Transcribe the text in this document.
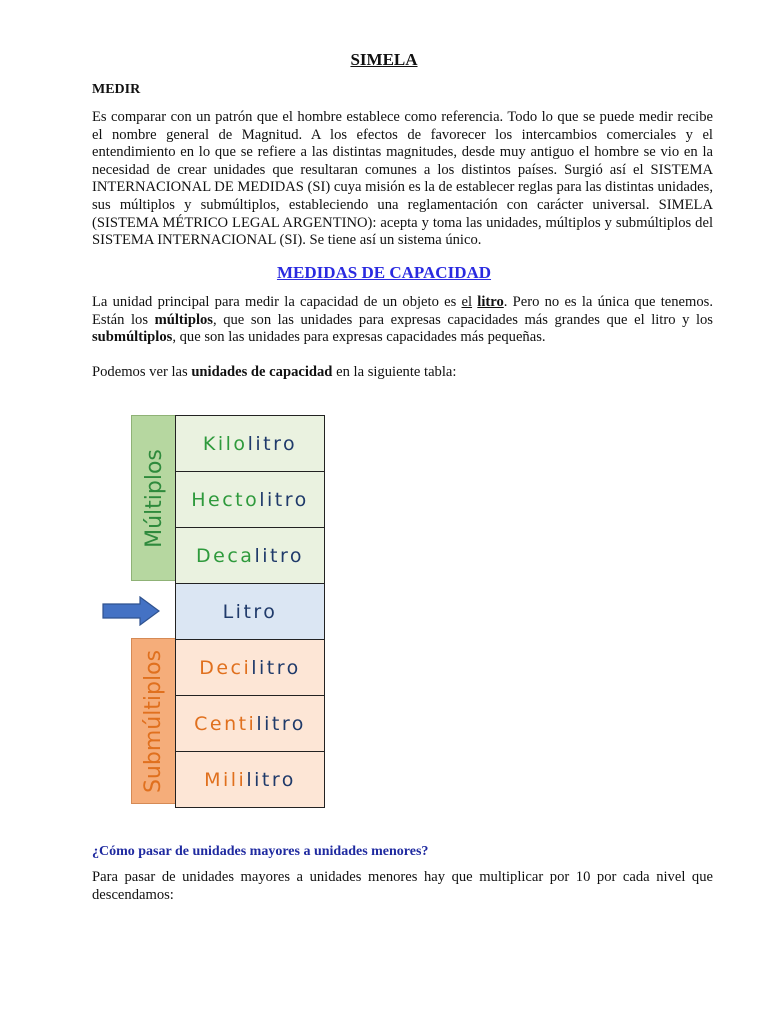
SIMELA
MEDIR

Es comparar con un patrón que el hombre establece como referencia. Todo lo que se puede medir recibe el nombre general de Magnitud. A los efectos de favorecer los intercambios comerciales y el entendimiento en lo que se refiere a las distintas magnitudes, desde muy antiguo el hombre se vio en la necesidad de crear unidades que resultaran comunes a los distintos países. Surgió así el SISTEMA INTERNACIONAL DE MEDIDAS (SI) cuya misión es la de establecer reglas para las distintas unidades, sus múltiplos y submúltiplos, estableciendo una reglamentación con carácter universal. SIMELA (SISTEMA MÉTRICO LEGAL ARGENTINO): acepta y toma las unidades, múltiplos y submúltiplos del SISTEMA INTERNACIONAL (SI). Se tiene así un sistema único.

MEDIDAS DE CAPACIDAD

La unidad principal para medir la capacidad de un objeto es el litro. Pero no es la única que tenemos. Están los múltiplos, que son las unidades para expresas capacidades más grandes que el litro y los submúltiplos, que son las unidades para expresas capacidades más pequeñas.

Podemos ver las unidades de capacidad en la siguiente tabla:

Múltiplos
Submúltiplos
Kilo litro
Hecto litro
Deca litro
Litro
Deci litro
Centi litro
Mili litro
¿Cómo pasar de unidades mayores a unidades menores?

Para pasar de unidades mayores a unidades menores hay que multiplicar por 10 por cada nivel que descendamos:
